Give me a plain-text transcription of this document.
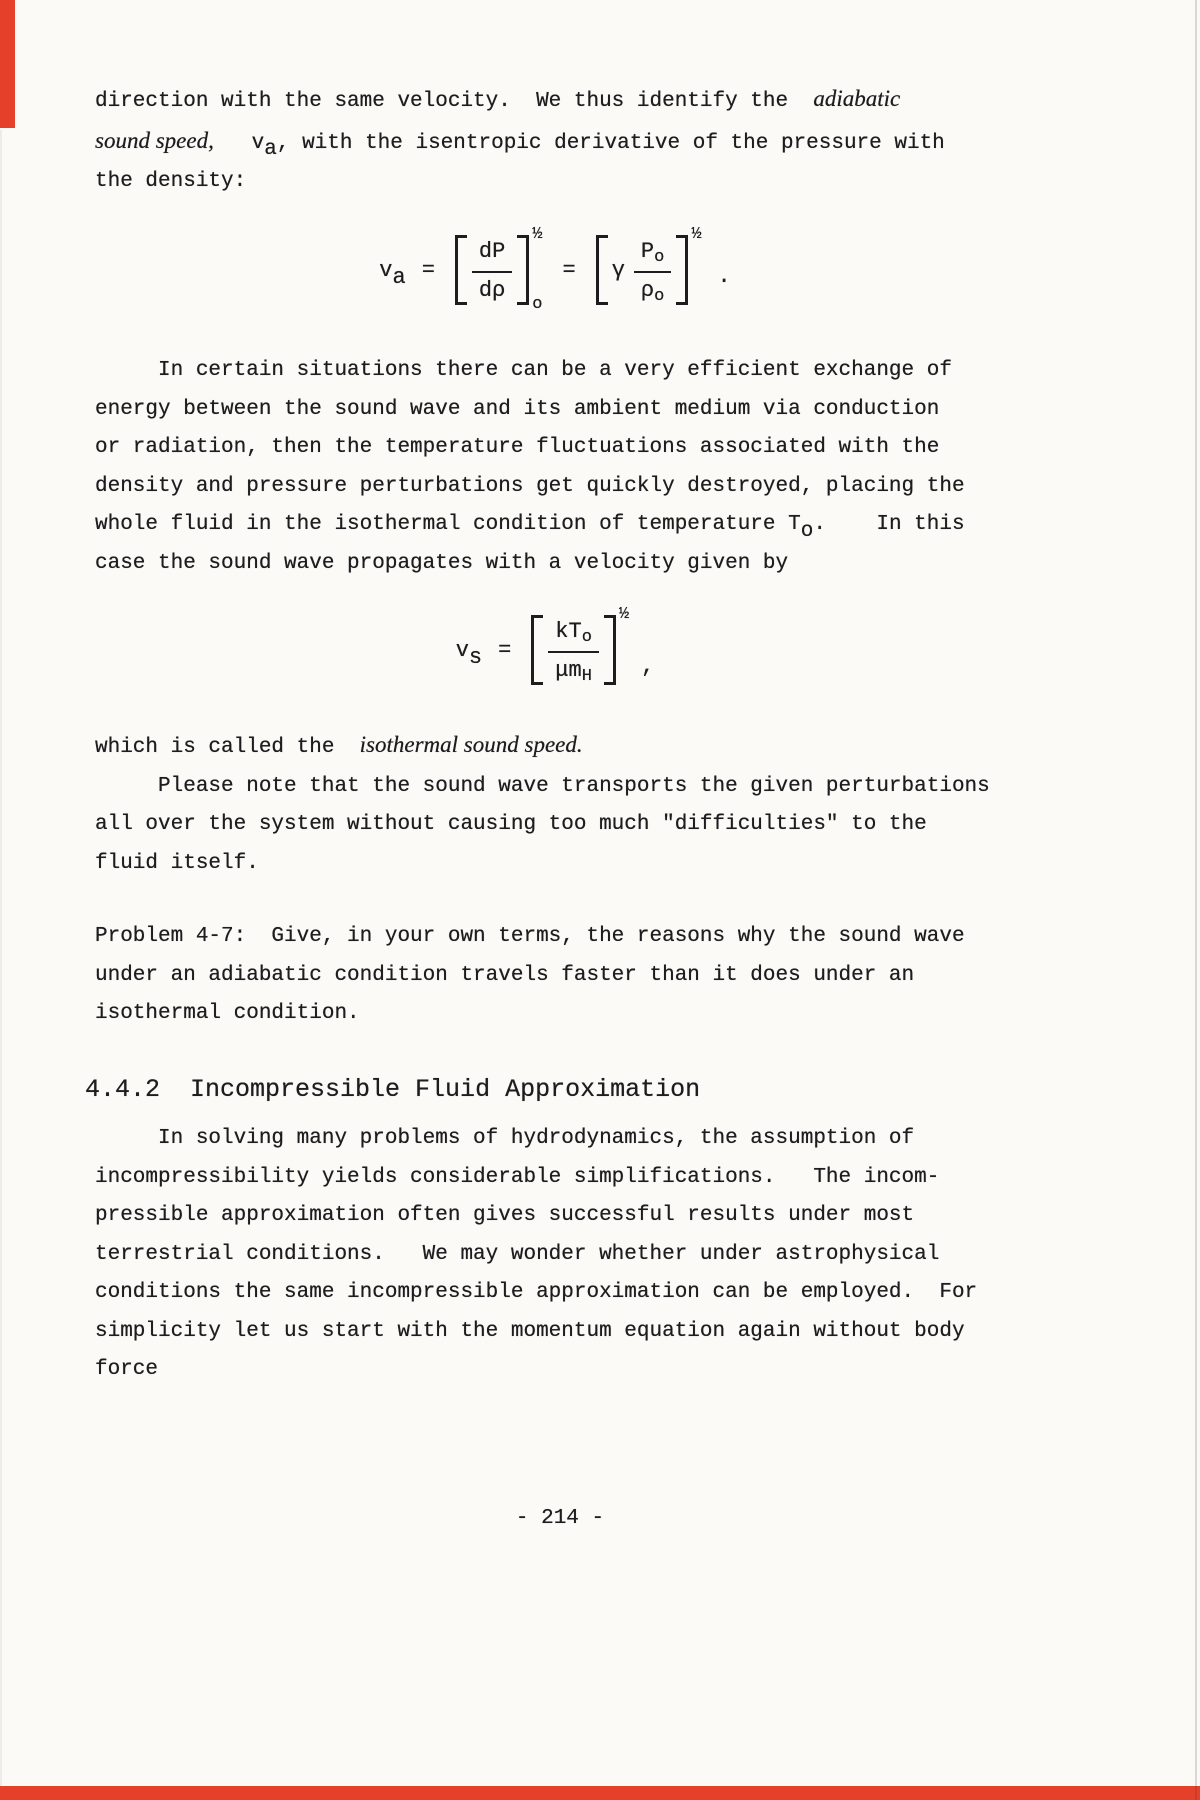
direction with the same velocity.  We thus identify the  adiabatic
sound speed,   va, with the isentropic derivative of the pressure with
the density:
v $a = \frac{dP}{d\rho}$
½
o
= γ $\frac{Po}{\rho o}$
½
.
In certain situations there can be a very efficient exchange of
energy between the sound wave and its ambient medium via conduction
or radiation, then the temperature fluctuations associated with the
density and pressure perturbations get quickly destroyed, placing the
whole fluid in the isothermal condition of temperature To.    In this
case the sound wave propagates with a velocity given by
v $s = \frac{\text{kTo}}{\text{μmH}}$
½
,
which is called the  isothermal sound speed.
Please note that the sound wave transports the given perturbations
all over the system without causing too much "difficulties" to the
fluid itself.
Problem 4-7:  Give, in your own terms, the reasons why the sound wave
under an adiabatic condition travels faster than it does under an
isothermal condition.
4.4.2  Incompressible Fluid Approximation
In solving many problems of hydrodynamics, the assumption of
incompressibility yields considerable simplifications.   The incom-
pressible approximation often gives successful results under most
terrestrial conditions.   We may wonder whether under astrophysical
conditions the same incompressible approximation can be employed.  For
simplicity let us start with the momentum equation again without body
force
- 214 -
